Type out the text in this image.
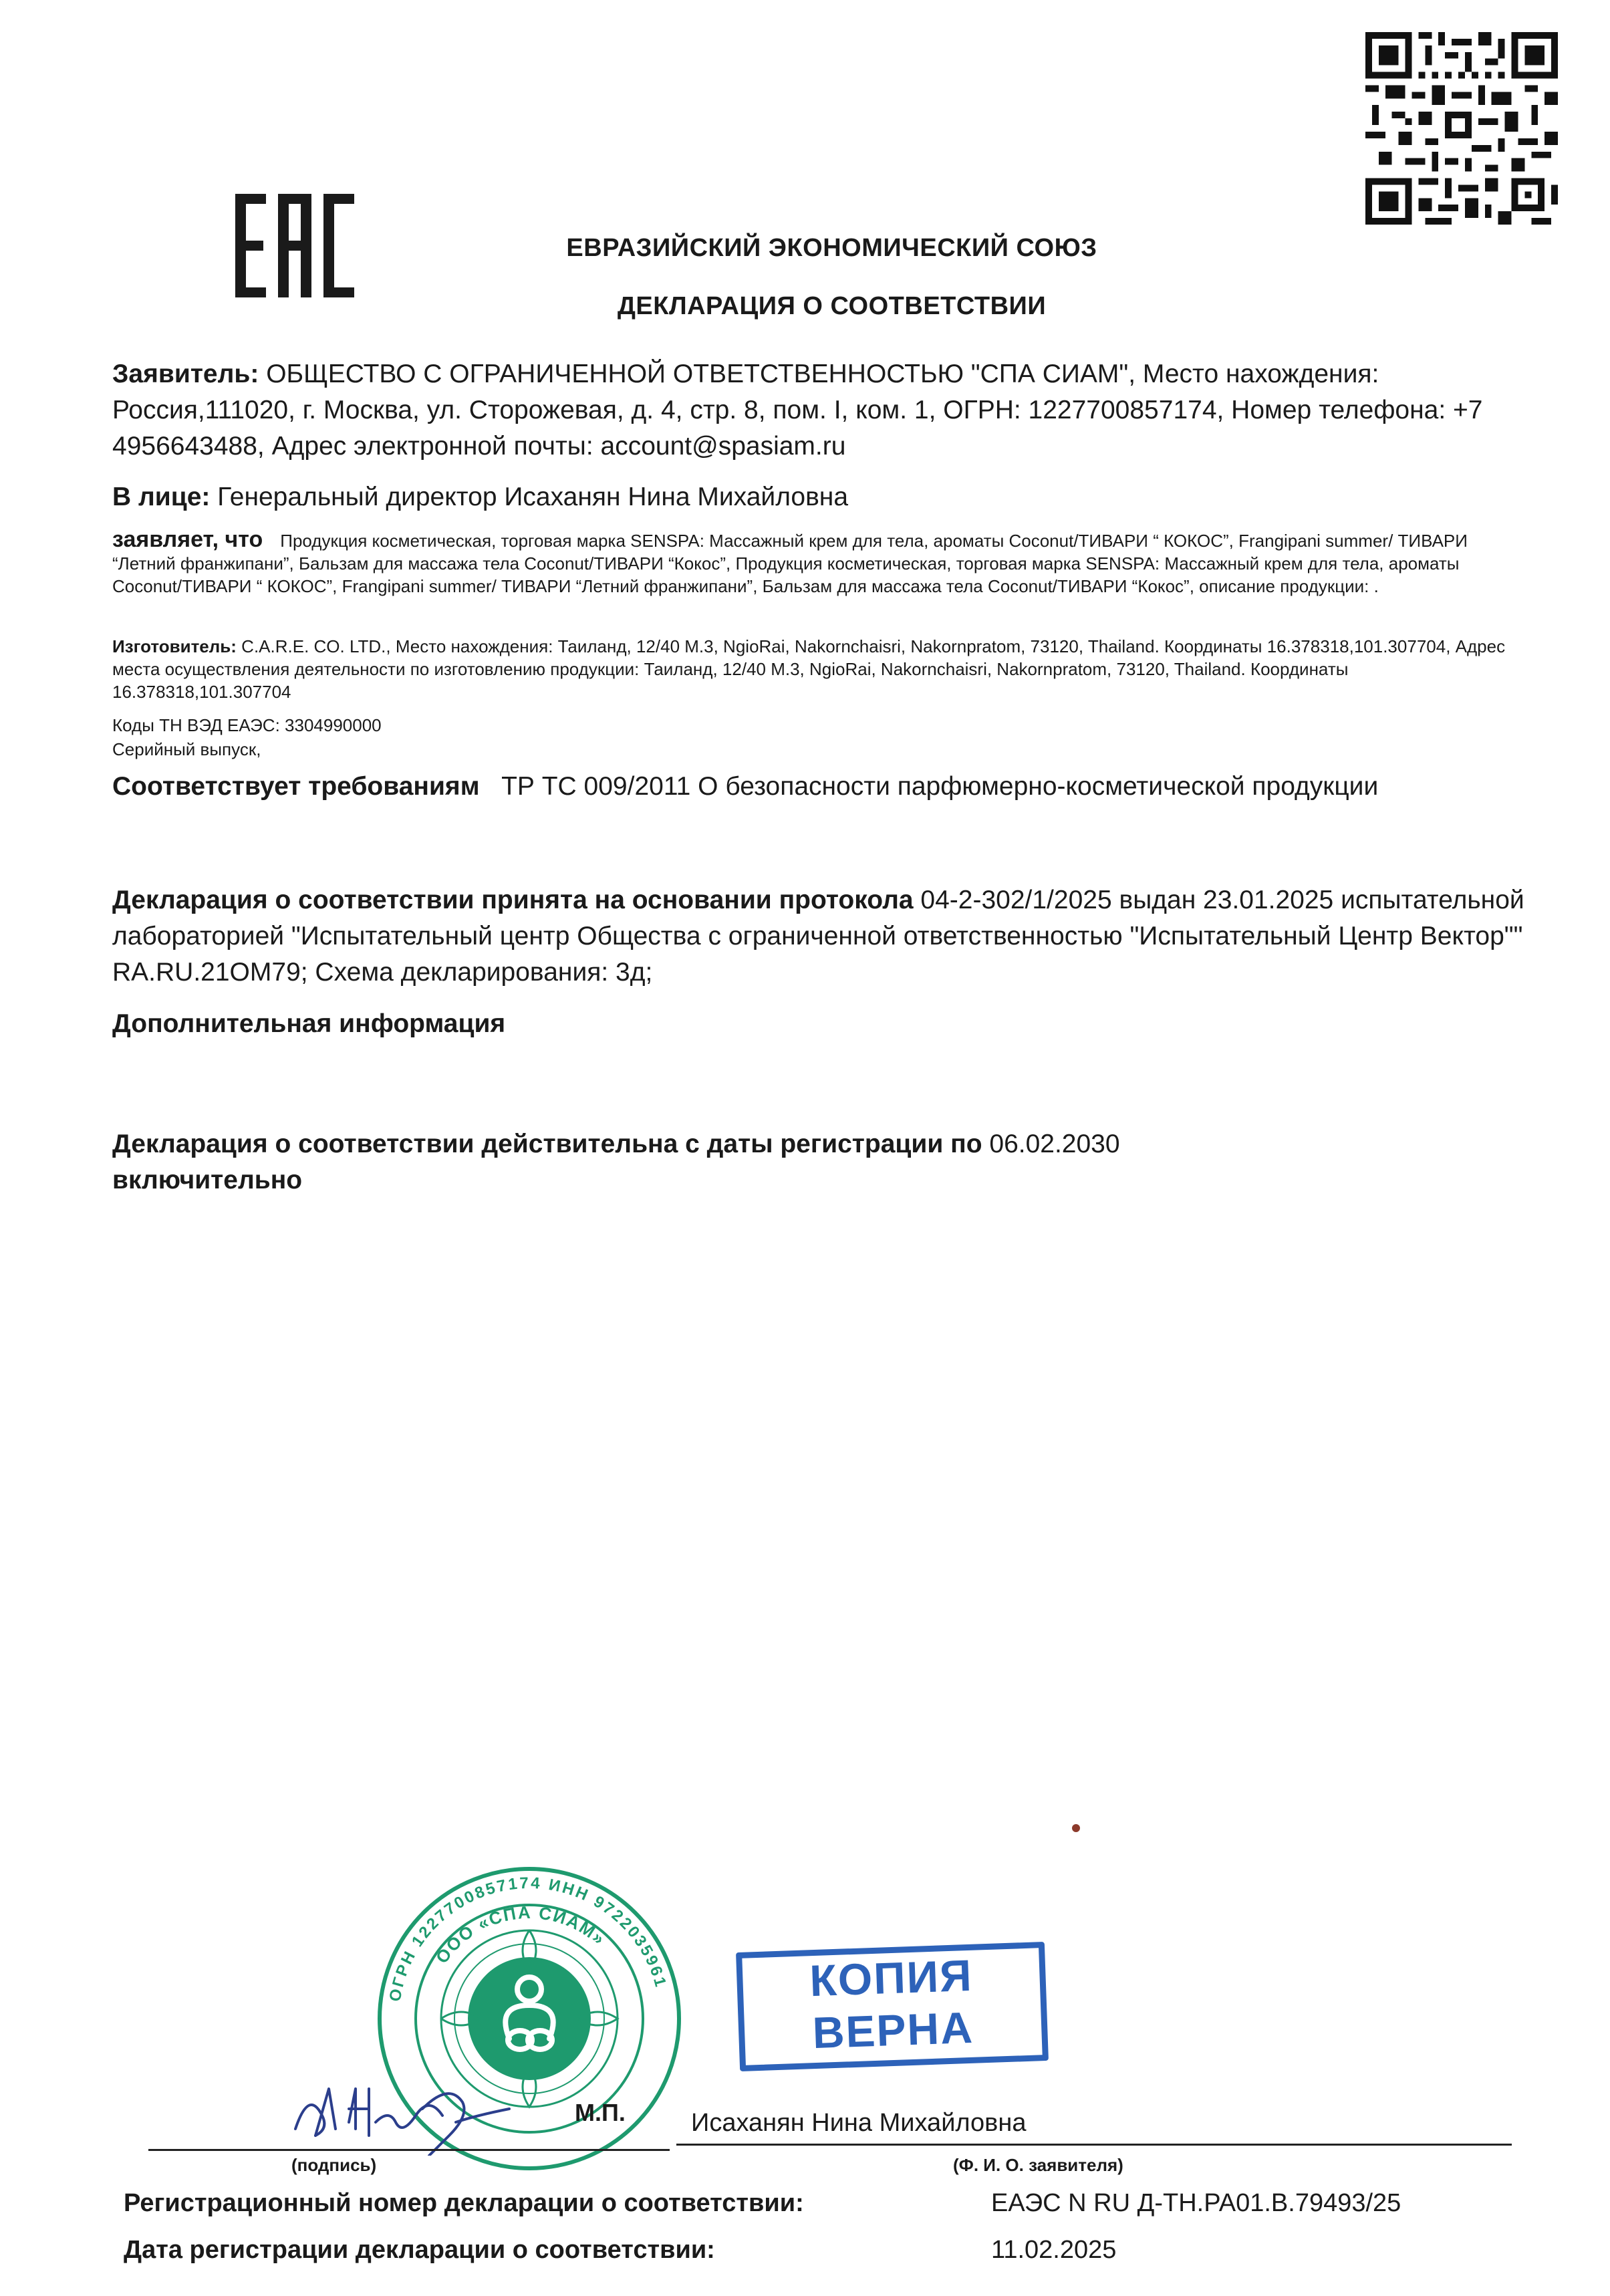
ЕВРАЗИЙСКИЙ ЭКОНОМИЧЕСКИЙ СОЮЗ
ДЕКЛАРАЦИЯ О СООТВЕТСТВИИ
Заявитель: ОБЩЕСТВО С ОГРАНИЧЕННОЙ ОТВЕТСТВЕННОСТЬЮ "СПА СИАМ", Место нахождения: Россия,111020, г. Москва, ул. Сторожевая, д. 4, стр. 8, пом. I, ком. 1, ОГРН: 1227700857174, Номер телефона: +7 4956643488, Адрес электронной почты: account@spasiam.ru
В лице: Генеральный директор Исаханян Нина Михайловна
заявляет, что Продукция косметическая, торговая марка SENSPA: Массажный крем для тела, ароматы Coconut/ТИВАРИ “ КОКОС”, Frangipani summer/ ТИВАРИ “Летний франжипани”, Бальзам для массажа тела Coconut/ТИВАРИ “Кокос”, Продукция косметическая, торговая марка SENSPA: Массажный крем для тела, ароматы Coconut/ТИВАРИ “ КОКОС”, Frangipani summer/ ТИВАРИ “Летний франжипани”, Бальзам для массажа тела Coconut/ТИВАРИ “Кокос”, описание продукции: .
Изготовитель: C.A.R.E. CO. LTD., Место нахождения: Таиланд, 12/40 M.3, NgioRai, Nakornchaisri, Nakornpratom, 73120, Thailand. Координаты 16.378318,101.307704, Адрес места осуществления деятельности по изготовлению продукции: Таиланд, 12/40 M.3, NgioRai, Nakornchaisri, Nakornpratom, 73120, Thailand. Координаты 16.378318,101.307704
Коды ТН ВЭД ЕАЭС: 3304990000
Серийный выпуск,
Соответствует требованиям ТР ТС 009/2011 О безопасности парфюмерно-косметической продукции
Декларация о соответствии принята на основании протокола 04-2-302/1/2025 выдан 23.01.2025 испытательной лабораторией "Испытательный центр Общества с ограниченной ответственностью "Испытательный Центр Вектор"" RA.RU.21ОМ79; Схема декларирования: 3д;
Дополнительная информация
Декларация о соответствии действительна с даты регистрации по 06.02.2030
включительно
ОГРН 1227700857174 ИНН 9722035961
ООО «СПА СИАМ»
КОПИЯ
ВЕРНА
М.П.	Исаханян Нина Михайловна
(подпись)	(Ф. И. О. заявителя)
Регистрационный номер декларации о соответствии:	ЕАЭС N RU Д-TH.PA01.B.79493/25
Дата регистрации декларации о соответствии:	11.02.2025
